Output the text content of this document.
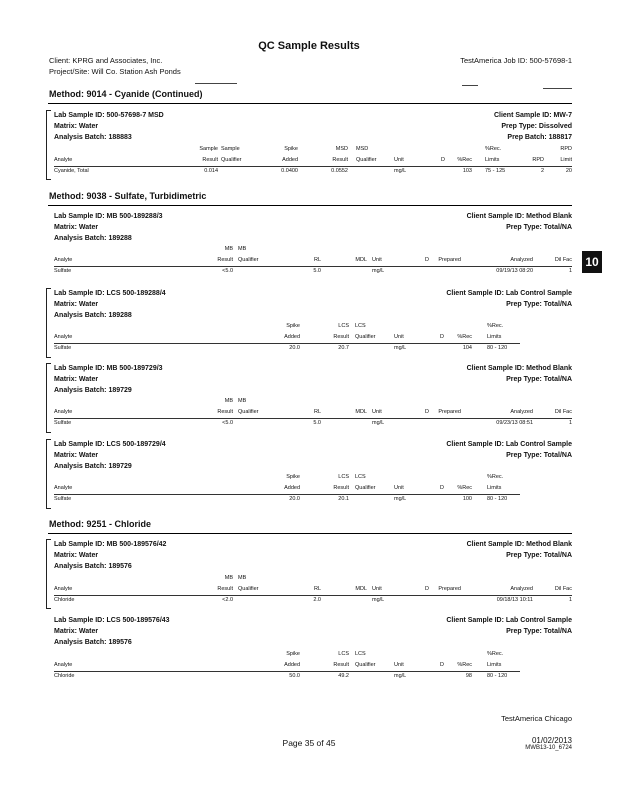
QC Sample Results
Client: KPRG and Associates, Inc.
Project/Site: Will Co. Station Ash Ponds
TestAmerica Job ID: 500-57698-1
10
Method: 9014 - Cyanide (Continued)
Lab Sample ID: 500-57698-7 MSD
Matrix: Water
Analysis Batch: 188883
Client Sample ID: MW-7
Prep Type: Dissolved
Prep Batch: 188817
Sample Sample	Spike	MSD MSD	%Rec.	RPD
Analyte	Result Qualifier	Added	Result Qualifier	Unit	D %Rec Limits	RPD	Limit
Cyanide, Total	0.014	0.0400	0.0552	mg/L	103 75 - 125	2	20
Method: 9038 - Sulfate, Turbidimetric
Lab Sample ID: MB 500-189288/3
Matrix: Water
Analysis Batch: 189288
Client Sample ID: Method Blank
Prep Type: Total/NA
MB MB
Analyte	Result Qualifier	RL	MDL Unit	D Prepared	Analyzed	Dil Fac
Sulfate	<5.0	5.0	mg/L	09/19/13 08:20	1
Lab Sample ID: LCS 500-189288/4
Matrix: Water
Analysis Batch: 189288
Client Sample ID: Lab Control Sample
Prep Type: Total/NA
Spike	LCS LCS	%Rec.
Analyte	Added	Result Qualifier	Unit	D %Rec	Limits
Sulfate	20.0	20.7	mg/L	104	80 - 120
Lab Sample ID: MB 500-189729/3
Matrix: Water
Analysis Batch: 189729
Client Sample ID: Method Blank
Prep Type: Total/NA
MB MB
Analyte	Result Qualifier	RL	MDL Unit	D Prepared	Analyzed	Dil Fac
Sulfate	<5.0	5.0	mg/L	09/23/13 08:51	1
Lab Sample ID: LCS 500-189729/4
Matrix: Water
Analysis Batch: 189729
Client Sample ID: Lab Control Sample
Prep Type: Total/NA
Spike	LCS LCS	%Rec.
Analyte	Added	Result Qualifier	Unit	D %Rec	Limits
Sulfate	20.0	20.1	mg/L	100	80 - 120
Method: 9251 - Chloride
Lab Sample ID: MB 500-189576/42
Matrix: Water
Analysis Batch: 189576
Client Sample ID: Method Blank
Prep Type: Total/NA
MB MB
Analyte	Result Qualifier	RL	MDL Unit	D Prepared	Analyzed	Dil Fac
Chloride	<2.0	2.0	mg/L	09/18/13 10:11	1
Lab Sample ID: LCS 500-189576/43
Matrix: Water
Analysis Batch: 189576
Client Sample ID: Lab Control Sample
Prep Type: Total/NA
Spike	LCS LCS	%Rec.
Analyte	Added	Result Qualifier	Unit	D %Rec	Limits
Chloride	50.0	49.2	mg/L	98	80 - 120
TestAmerica Chicago
Page 35 of 45	01/02/2013
MWB13-10_6724
